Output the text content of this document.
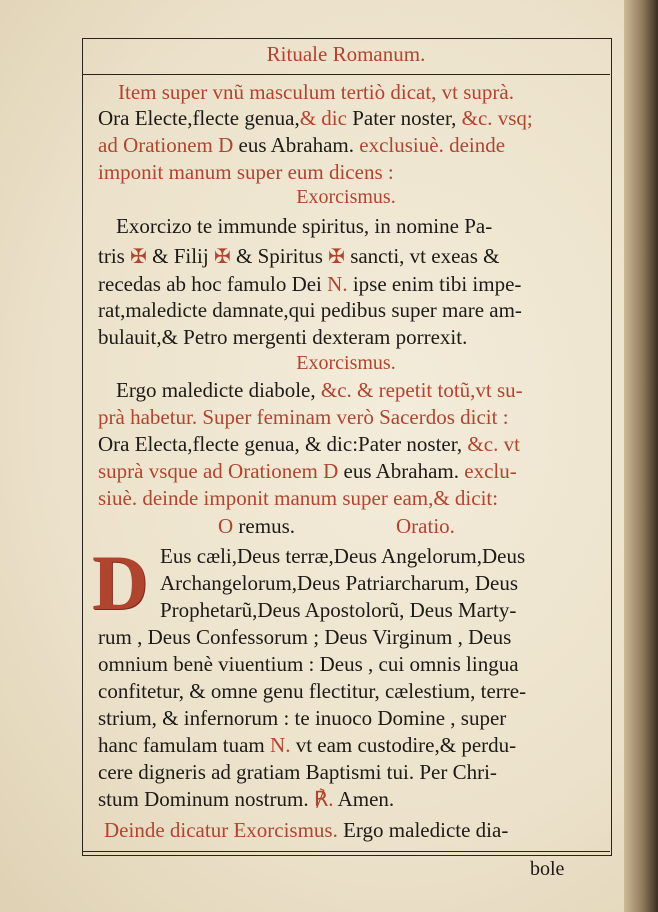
Rituale Romanum.
Item super vnũ masculum tertiò dicat, vt suprà.
Ora Electe,flecte genua,& dic Pater noster, &c. vsq;
ad Orationem D eus Abraham. exclusiuè. deinde
imponit manum super eum dicens :
Exorcismus.
Exorcizo te immunde spiritus, in nomine Pa-
tris ✠ & Filij ✠ & Spiritus ✠ sancti, vt exeas &
recedas ab hoc famulo Dei N. ipse enim tibi impe-
rat,maledicte damnate,qui pedibus super mare am-
bulauit,& Petro mergenti dexteram porrexit.
Exorcismus.
Ergo maledicte diabole, &c. & repetit totũ,vt su-
prà habetur. Super feminam verò Sacerdos dicit :
Ora Electa,flecte genua, & dic:Pater noster, &c. vt
suprà vsque ad Orationem D eus Abraham. exclu-
siuè. deinde imponit manum super eam,& dicit:
O remus.	Oratio.
D Eus cæli,Deus terræ,Deus Angelorum,Deus
Archangelorum,Deus Patriarcharum, Deus
Prophetarũ,Deus Apostolorũ, Deus Marty-
rum , Deus Confessorum ; Deus Virginum , Deus
omnium benè viuentium : Deus , cui omnis lingua
confitetur, & omne genu flectitur, cælestium, terre-
strium, & infernorum : te inuoco Domine , super
hanc famulam tuam N. vt eam custodire,& perdu-
cere digneris ad gratiam Baptismi tui. Per Chri-
stum Dominum nostrum. ℟. Amen.
Deinde dicatur Exorcismus. Ergo maledicte dia-
bole
